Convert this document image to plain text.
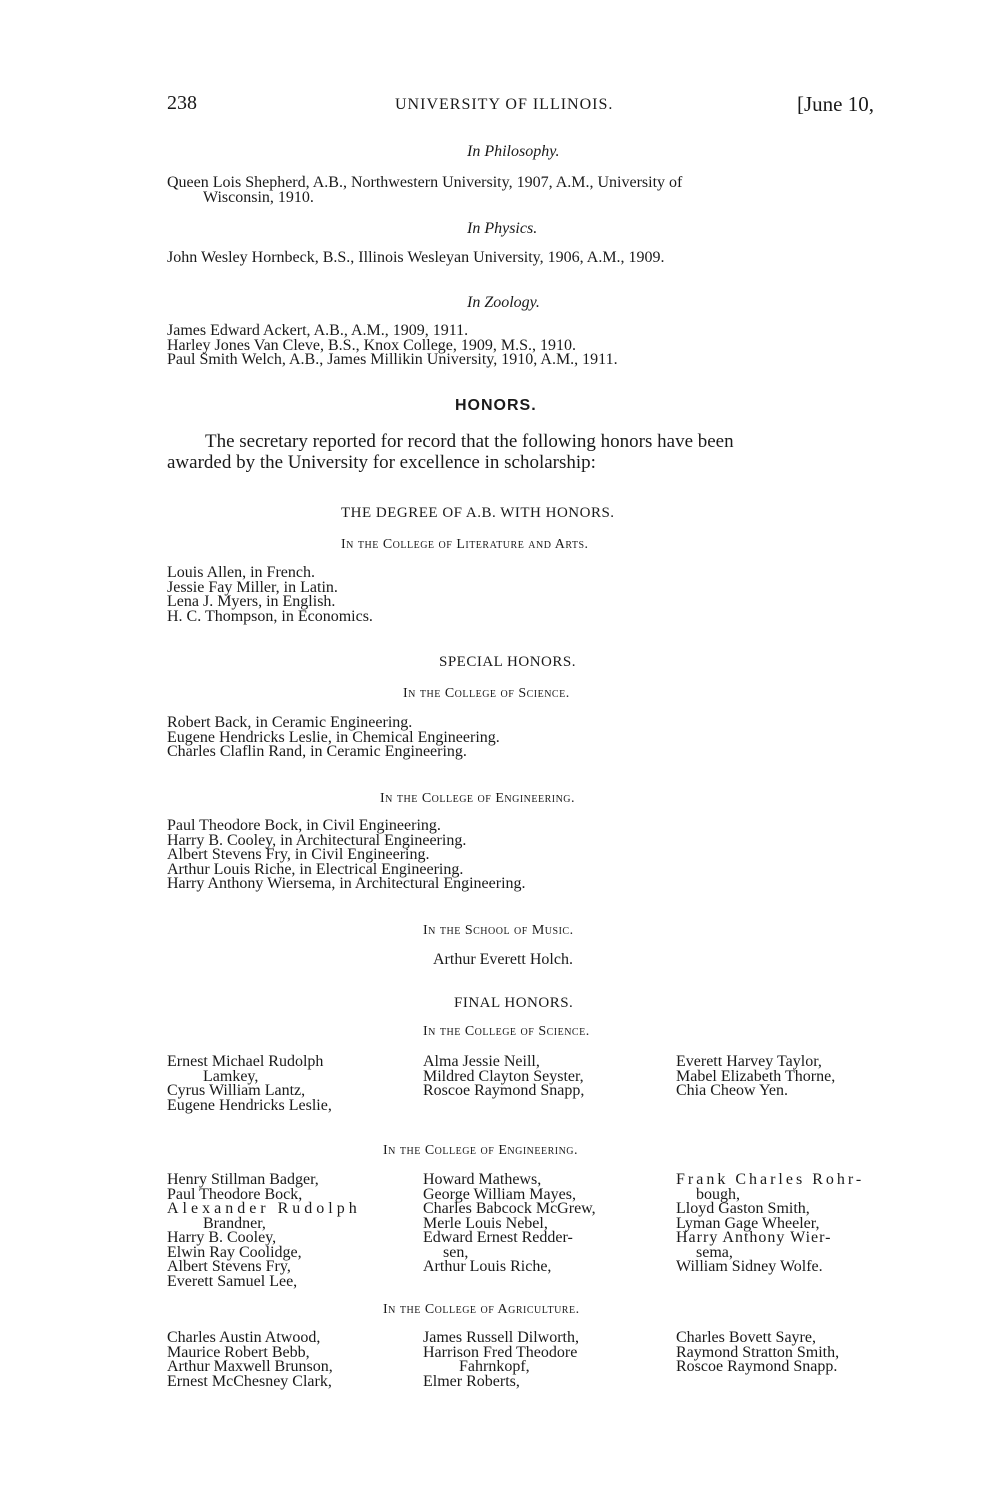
238	UNIVERSITY OF ILLINOIS.	[June 10,
In Philosophy.
Queen Lois Shepherd, A.B., Northwestern University, 1907, A.M., University of
Wisconsin, 1910.
In Physics.
John Wesley Hornbeck, B.S., Illinois Wesleyan University, 1906, A.M., 1909.
In Zoology.
James Edward Ackert, A.B., A.M., 1909, 1911.
Harley Jones Van Cleve, B.S., Knox College, 1909, M.S., 1910.
Paul Smith Welch, A.B., James Millikin University, 1910, A.M., 1911.
HONORS.
The secretary reported for record that the following honors have been
awarded by the University for excellence in scholarship:
THE DEGREE OF A.B. WITH HONORS.
In the College of Literature and Arts.
Louis Allen, in French.
Jessie Fay Miller, in Latin.
Lena J. Myers, in English.
H. C. Thompson, in Economics.
SPECIAL HONORS.
In the College of Science.
Robert Back, in Ceramic Engineering.
Eugene Hendricks Leslie, in Chemical Engineering.
Charles Claflin Rand, in Ceramic Engineering.
In the College of Engineering.
Paul Theodore Bock, in Civil Engineering.
Harry B. Cooley, in Architectural Engineering.
Albert Stevens Fry, in Civil Engineering.
Arthur Louis Riche, in Electrical Engineering.
Harry Anthony Wiersema, in Architectural Engineering.
In the School of Music.
Arthur Everett Holch.
FINAL HONORS.
In the College of Science.
Ernest Michael Rudolph
Lamkey,
Cyrus William Lantz,
Eugene Hendricks Leslie,
Alma Jessie Neill,
Mildred Clayton Seyster,
Roscoe Raymond Snapp,
Everett Harvey Taylor,
Mabel Elizabeth Thorne,
Chia Cheow Yen.
In the College of Engineering.
Henry Stillman Badger,
Paul Theodore Bock,
Alexander Rudolph
Brandner,
Harry B. Cooley,
Elwin Ray Coolidge,
Albert Stevens Fry,
Everett Samuel Lee,
Howard Mathews,
George William Mayes,
Charles Babcock McGrew,
Merle Louis Nebel,
Edward Ernest Redder-
sen,
Arthur Louis Riche,
Frank Charles Rohr-
bough,
Lloyd Gaston Smith,
Lyman Gage Wheeler,
Harry Anthony Wier-
sema,
William Sidney Wolfe.
In the College of Agriculture.
Charles Austin Atwood,
Maurice Robert Bebb,
Arthur Maxwell Brunson,
Ernest McChesney Clark,
James Russell Dilworth,
Harrison Fred Theodore
Fahrnkopf,
Elmer Roberts,
Charles Bovett Sayre,
Raymond Stratton Smith,
Roscoe Raymond Snapp.
